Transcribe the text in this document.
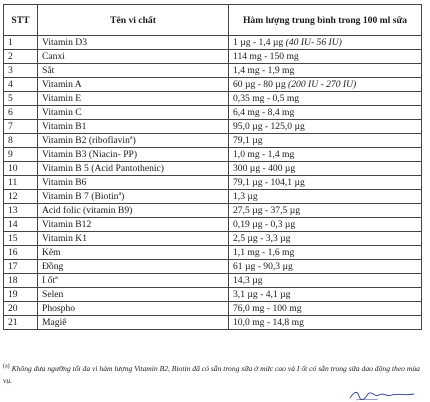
STT	Tên vi chất	Hàm lượng trung bình trong 100 ml sữa
1	Vitamin D3	1 µg - 1,4 µg (40 IU- 56 IU)
2	Canxi	114 mg - 150 mg
3	Sắt	1,4 mg - 1,9 mg
4	Vitamin A	60 µg - 80 µg (200 IU - 270 IU)
5	Vitamin E	0,35 mg - 0,5 mg
6	Vitamin C	6,4 mg - 8,4 mg
7	Vitamin B1	95,0 µg - 125,0 µg
8	Vitamin B2 (riboflavin$^a$)	79,1 µg
9	Vitamin B3 (Niacin- PP)	1,0 mg - 1,4 mg
10	Vitamin B 5 (Acid Pantothenic)	300 µg - 400 µg
11	Vitamin B6	79,1 µg - 104,1 µg
12	Vitamin B 7 (Biotin$^a$)	1,3 µg
13	Acid folic (vitamin B9)	27,5 µg - 37,5 µg
14	Vitamin B12	0,19 µg - 0,3 µg
15	Vitamin K1	2,5 µg - 3,3 µg
16	Kẽm	1,1 mg - 1,6 mg
17	Đồng	61 µg - 90,3 µg
18	I ốt$^a$	14,3 µg
19	Selen	3,1 µg - 4,1 µg
20	Phospho	76,0 mg - 100 mg
21	Magiê	10,0 mg - 14,8 mg
$^{(a)}$ Không đưa ngưỡng tối đa vì hàm lượng Vitamin B2, Biotin đã có sẵn trong sữa ở mức cao và I ốt có sẵn trong sữa dao động theo mùa vụ.
